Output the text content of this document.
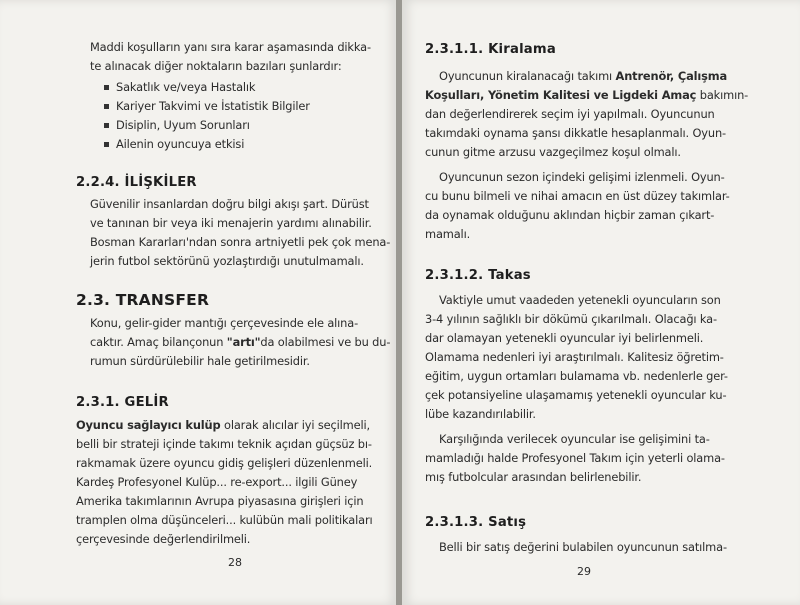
Maddi koşulların yanı sıra karar aşamasında dikka-
te alınacak diğer noktaların bazıları şunlardır:

Sakatlık ve/veya Hastalık
Kariyer Takvimi ve İstatistik Bilgiler
Disiplin, Uyum Sorunları
Ailenin oyuncuya etkisi
2.2.4. İLİŞKİLER

Güvenilir insanlardan doğru bilgi akışı şart. Dürüst
ve tanınan bir veya iki menajerin yardımı alınabilir.
Bosman Kararları'ndan sonra artniyetli pek çok mena-
jerin futbol sektörünü yozlaştırdığı unutulmamalı.

2.3. TRANSFER

Konu, gelir-gider mantığı çerçevesinde ele alına-
caktır. Amaç bilançonun "artı"da olabilmesi ve bu du-
rumun sürdürülebilir hale getirilmesidir.

2.3.1. GELİR

Oyuncu sağlayıcı kulüp olarak alıcılar iyi seçilmeli,
belli bir strateji içinde takımı teknik açıdan güçsüz bı-
rakmamak üzere oyuncu gidiş gelişleri düzenlenmeli.
Kardeş Profesyonel Kulüp... re-export... ilgili Güney
Amerika takımlarının Avrupa piyasasına girişleri için
tramplen olma düşünceleri... kulübün mali politikaları
çerçevesinde değerlendirilmeli.

28
2.3.1.1. Kiralama

Oyuncunun kiralanacağı takımı Antrenör, Çalışma
Koşulları, Yönetim Kalitesi ve Ligdeki Amaç bakımın-
dan değerlendirerek seçim iyi yapılmalı. Oyuncunun
takımdaki oynama şansı dikkatle hesaplanmalı. Oyun-
cunun gitme arzusu vazgeçilmez koşul olmalı.

Oyuncunun sezon içindeki gelişimi izlenmeli. Oyun-
cu bunu bilmeli ve nihai amacın en üst düzey takımlar-
da oynamak olduğunu aklından hiçbir zaman çıkart-
mamalı.

2.3.1.2. Takas

Vaktiyle umut vaadeden yetenekli oyuncuların son
3-4 yılının sağlıklı bir dökümü çıkarılmalı. Olacağı ka-
dar olamayan yetenekli oyuncular iyi belirlenmeli.
Olamama nedenleri iyi araştırılmalı. Kalitesiz öğretim-
eğitim, uygun ortamları bulamama vb. nedenlerle ger-
çek potansiyeline ulaşamamış yetenekli oyuncular ku-
lübe kazandırılabilir.

Karşılığında verilecek oyuncular ise gelişimini ta-
mamladığı halde Profesyonel Takım için yeterli olama-
mış futbolcular arasından belirlenebilir.

2.3.1.3. Satış

Belli bir satış değerini bulabilen oyuncunun satılma-

29
